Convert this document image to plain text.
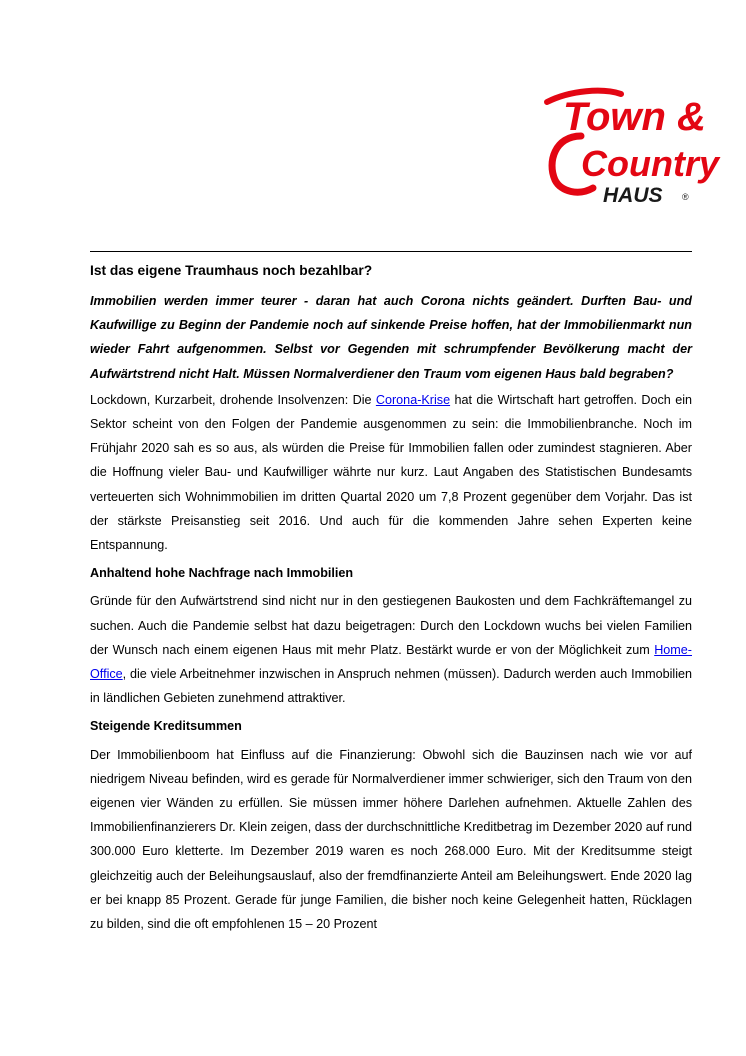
Town &
Country
HAUS ®
Ist das eigene Traumhaus noch bezahlbar?

Immobilien werden immer teurer - daran hat auch Corona nichts geändert. Durften Bau- und Kaufwillige zu Beginn der Pandemie noch auf sinkende Preise hoffen, hat der Immobilienmarkt nun wieder Fahrt aufgenommen. Selbst vor Gegenden mit schrumpfender Bevölkerung macht der Aufwärtstrend nicht Halt. Müssen Normalverdiener den Traum vom eigenen Haus bald begraben?

Lockdown, Kurzarbeit, drohende Insolvenzen: Die Corona-Krise hat die Wirtschaft hart getroffen. Doch ein Sektor scheint von den Folgen der Pandemie ausgenommen zu sein: die Immobilienbranche. Noch im Frühjahr 2020 sah es so aus, als würden die Preise für Immobilien fallen oder zumindest stagnieren. Aber die Hoffnung vieler Bau- und Kaufwilliger währte nur kurz. Laut Angaben des Statistischen Bundesamts verteuerten sich Wohnimmobilien im dritten Quartal 2020 um 7,8 Prozent gegenüber dem Vorjahr. Das ist der stärkste Preisanstieg seit 2016. Und auch für die kommenden Jahre sehen Experten keine Entspannung.

Anhaltend hohe Nachfrage nach Immobilien

Gründe für den Aufwärtstrend sind nicht nur in den gestiegenen Baukosten und dem Fachkräftemangel zu suchen. Auch die Pandemie selbst hat dazu beigetragen: Durch den Lockdown wuchs bei vielen Familien der Wunsch nach einem eigenen Haus mit mehr Platz. Bestärkt wurde er von der Möglichkeit zum Home-Office, die viele Arbeitnehmer inzwischen in Anspruch nehmen (müssen). Dadurch werden auch Immobilien in ländlichen Gebieten zunehmend attraktiver.

Steigende Kreditsummen

Der Immobilienboom hat Einfluss auf die Finanzierung: Obwohl sich die Bauzinsen nach wie vor auf niedrigem Niveau befinden, wird es gerade für Normalverdiener immer schwieriger, sich den Traum von den eigenen vier Wänden zu erfüllen. Sie müssen immer höhere Darlehen aufnehmen. Aktuelle Zahlen des Immobilienfinanzierers Dr. Klein zeigen, dass der durchschnittliche Kreditbetrag im Dezember 2020 auf rund 300.000 Euro kletterte. Im Dezember 2019 waren es noch 268.000 Euro. Mit der Kreditsumme steigt gleichzeitig auch der Beleihungsauslauf, also der fremdfinanzierte Anteil am Beleihungswert. Ende 2020 lag er bei knapp 85 Prozent. Gerade für junge Familien, die bisher noch keine Gelegenheit hatten, Rücklagen zu bilden, sind die oft empfohlenen 15 – 20 Prozent
